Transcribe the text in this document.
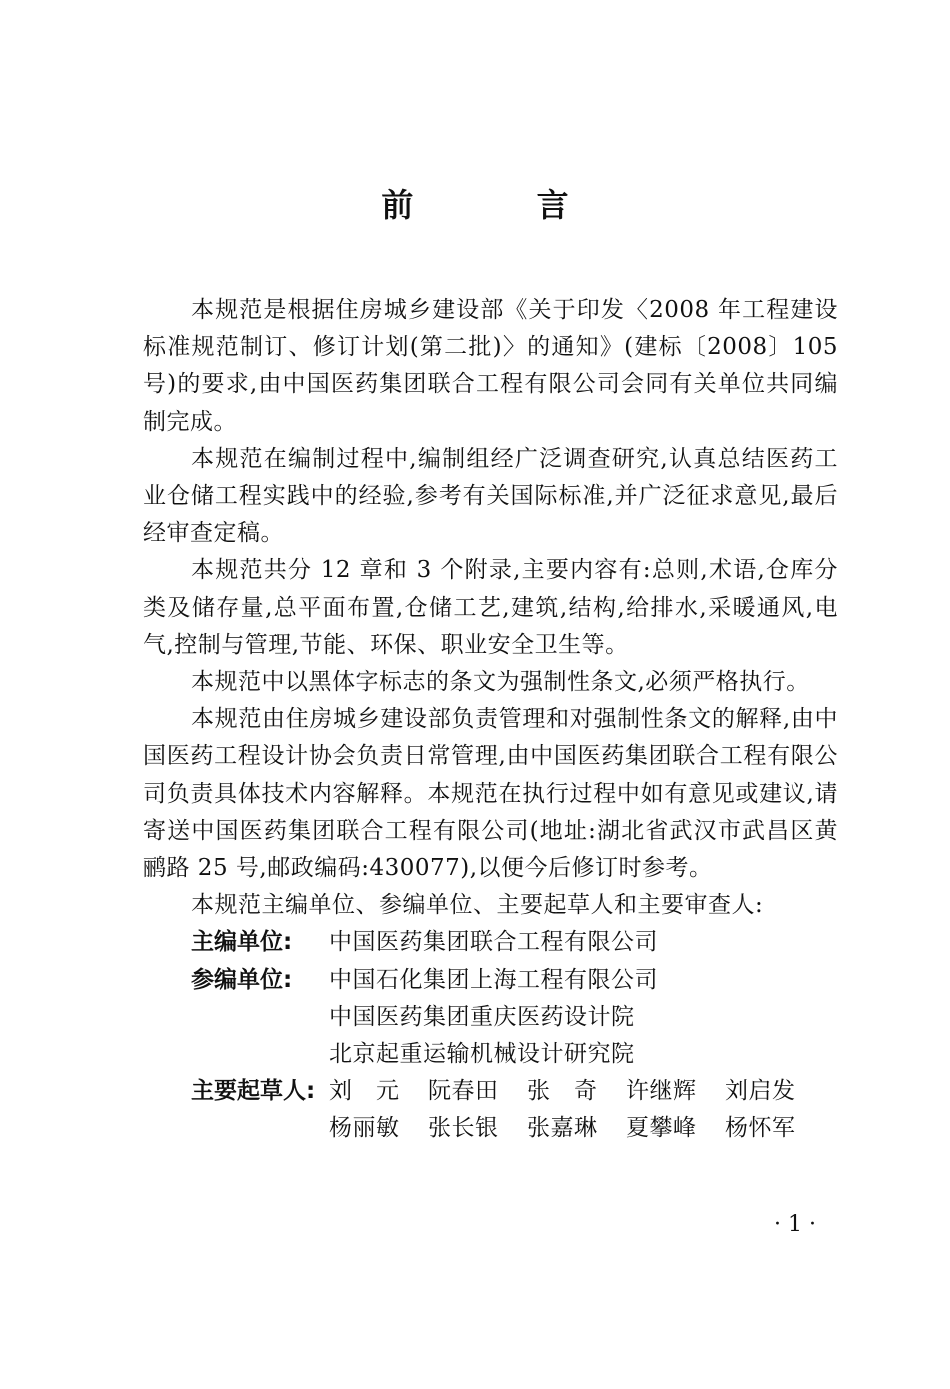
前 言

本规范是根据住房城乡建设部《关于印发〈2008 年工程建设标准规范制订、修订计划(第二批)〉的通知》(建标〔2008〕105 号)的要求,由中国医药集团联合工程有限公司会同有关单位共同编制完成。

本规范在编制过程中,编制组经广泛调查研究,认真总结医药工业仓储工程实践中的经验,参考有关国际标准,并广泛征求意见,最后经审查定稿。

本规范共分 12 章和 3 个附录,主要内容有:总则,术语,仓库分类及储存量,总平面布置,仓储工艺,建筑,结构,给排水,采暖通风,电气,控制与管理,节能、环保、职业安全卫生等。

本规范中以黑体字标志的条文为强制性条文,必须严格执行。

本规范由住房城乡建设部负责管理和对强制性条文的解释,由中国医药工程设计协会负责日常管理,由中国医药集团联合工程有限公司负责具体技术内容解释。本规范在执行过程中如有意见或建议,请寄送中国医药集团联合工程有限公司(地址:湖北省武汉市武昌区黄鹂路 25 号,邮政编码:430077),以便今后修订时参考。

本规范主编单位、参编单位、主要起草人和主要审查人:

主编单位:	中国医药集团联合工程有限公司
参编单位:	中国石化集团上海工程有限公司
中国医药集团重庆医药设计院
北京起重运输机械设计研究院
主要起草人: 刘　元	阮春田	张　奇	许继辉	刘启发
杨丽敏	张长银	张嘉琳	夏攀峰	杨怀军
· 1 ·
